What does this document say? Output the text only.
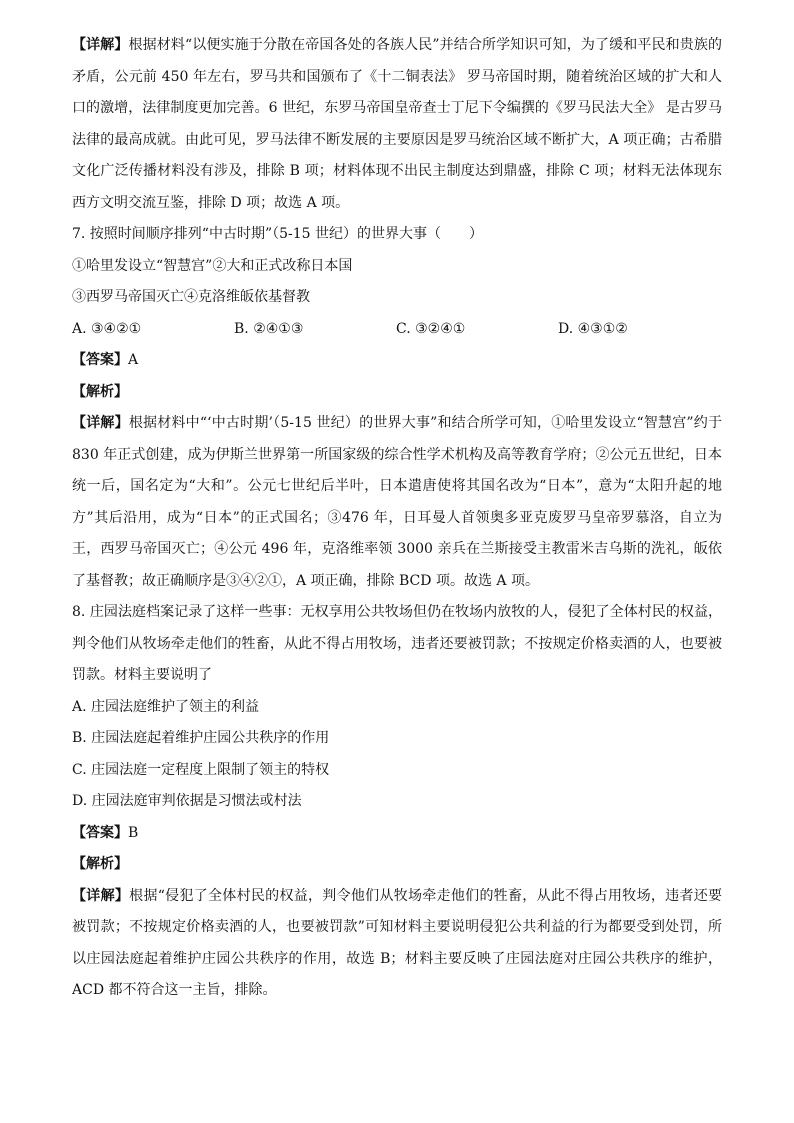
【详解】根据材料“以便实施于分散在帝国各处的各族人民”并结合所学知识可知，为了缓和平民和贵族的矛盾，公元前 450 年左右，罗马共和国颁布了《十二铜表法》 罗马帝国时期，随着统治区域的扩大和人口的激增，法律制度更加完善。6 世纪，东罗马帝国皇帝查士丁尼下令编撰的《罗马民法大全》 是古罗马法律的最高成就。由此可见，罗马法律不断发展的主要原因是罗马统治区域不断扩大，A 项正确；古希腊文化广泛传播材料没有涉及，排除 B 项；材料体现不出民主制度达到鼎盛，排除 C 项；材料无法体现东西方文明交流互鉴，排除 D 项；故选 A 项。

7. 按照时间顺序排列“中古时期”（5-15 世纪）的世界大事（　　）

①哈里发设立“智慧宫”②大和正式改称日本国

③西罗马帝国灭亡④克洛维皈依基督教

A. ③④②①	B. ②④①③	C. ③②④①	D. ④③①②

【答案】A

【解析】

【详解】根据材料中“‘中古时期’（5-15 世纪）的世界大事”和结合所学可知，①哈里发设立“智慧宫”约于 830 年正式创建，成为伊斯兰世界第一所国家级的综合性学术机构及高等教育学府；②公元五世纪，日本统一后，国名定为“大和”。公元七世纪后半叶，日本遣唐使将其国名改为“日本”，意为“太阳升起的地方”其后沿用，成为“日本”的正式国名；③476 年，日耳曼人首领奥多亚克废罗马皇帝罗慕洛，自立为王，西罗马帝国灭亡；④公元 496 年，克洛维率领 3000 亲兵在兰斯接受主教雷米吉乌斯的洗礼，皈依了基督教；故正确顺序是③④②①，A 项正确，排除 BCD 项。故选 A 项。

8. 庄园法庭档案记录了这样一些事：无权享用公共牧场但仍在牧场内放牧的人，侵犯了全体村民的权益，判令他们从牧场牵走他们的牲畜，从此不得占用牧场，违者还要被罚款；不按规定价格卖酒的人，也要被罚款。材料主要说明了

A. 庄园法庭维护了领主的利益

B. 庄园法庭起着维护庄园公共秩序的作用

C. 庄园法庭一定程度上限制了领主的特权

D. 庄园法庭审判依据是习惯法或村法

【答案】B

【解析】

【详解】根据“侵犯了全体村民的权益，判令他们从牧场牵走他们的牲畜，从此不得占用牧场，违者还要被罚款；不按规定价格卖酒的人，也要被罚款”可知材料主要说明侵犯公共利益的行为都要受到处罚，所以庄园法庭起着维护庄园公共秩序的作用，故选 B；材料主要反映了庄园法庭对庄园公共秩序的维护，ACD 都不符合这一主旨，排除。
